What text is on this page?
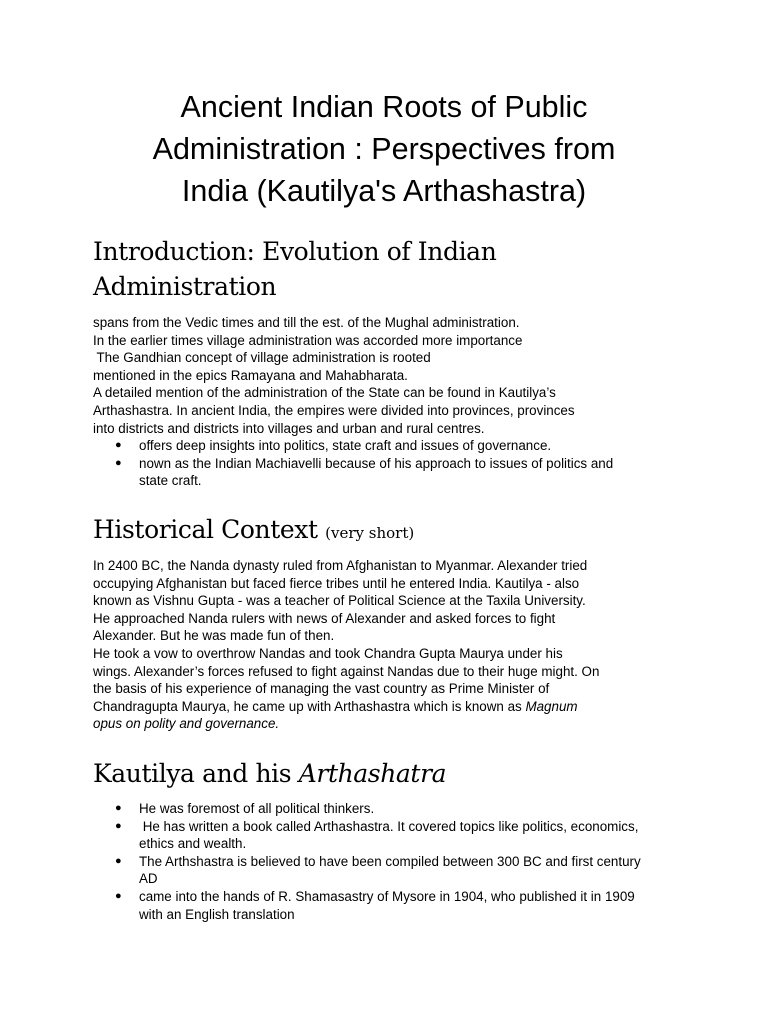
Ancient Indian Roots of Public
Administration : Perspectives from
India (Kautilya's Arthashastra)
Introduction: Evolution of Indian
Administration
spans from the Vedic times and till the est. of the Mughal administration.
In the earlier times village administration was accorded more importance
The Gandhian concept of village administration is rooted
mentioned in the epics Ramayana and Mahabharata.
A detailed mention of the administration of the State can be found in Kautilya’s
Arthashastra. In ancient India, the empires were divided into provinces, provinces
into districts and districts into villages and urban and rural centres.
● offers deep insights into politics, state craft and issues of governance.
● nown as the Indian Machiavelli because of his approach to issues of politics and
state craft.
Historical Context (very short)
In 2400 BC, the Nanda dynasty ruled from Afghanistan to Myanmar. Alexander tried
occupying Afghanistan but faced fierce tribes until he entered India. Kautilya - also
known as Vishnu Gupta - was a teacher of Political Science at the Taxila University.
He approached Nanda rulers with news of Alexander and asked forces to fight
Alexander. But he was made fun of then.
He took a vow to overthrow Nandas and took Chandra Gupta Maurya under his
wings. Alexander’s forces refused to fight against Nandas due to their huge might. On
the basis of his experience of managing the vast country as Prime Minister of
Chandragupta Maurya, he came up with Arthashastra which is known as Magnum
opus on polity and governance.
Kautilya and his Arthashatra
● He was foremost of all political thinkers.
● He has written a book called Arthashastra. It covered topics like politics, economics,
ethics and wealth.
● The Arthshastra is believed to have been compiled between 300 BC and first century
AD
● came into the hands of R. Shamasastry of Mysore in 1904, who published it in 1909
with an English translation
